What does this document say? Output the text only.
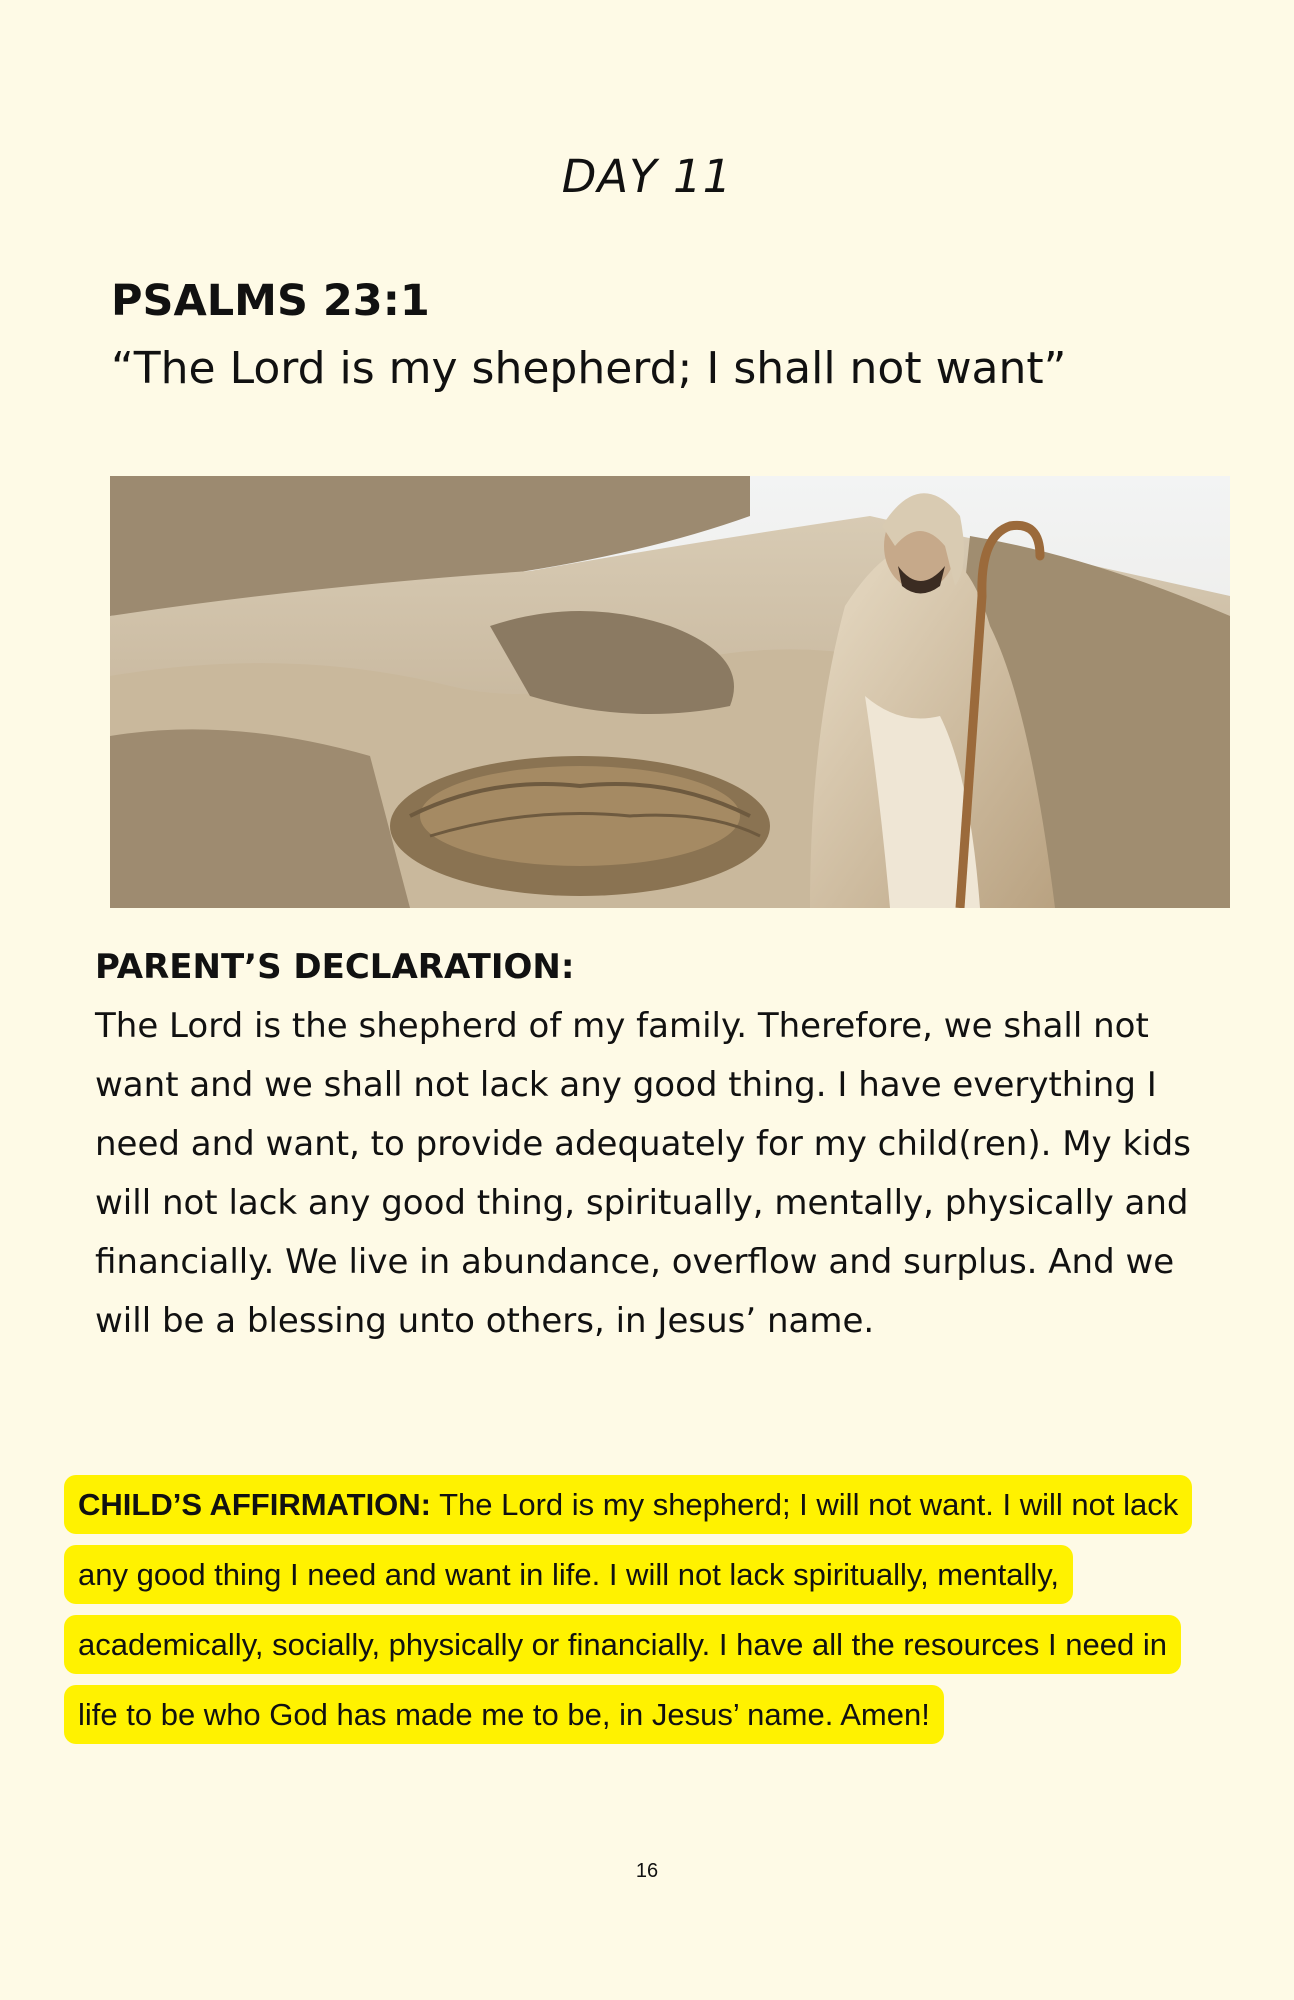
DAY 11
PSALMS 23:1
“The Lord is my shepherd; I shall not want”
PARENT’S DECLARATION:
The Lord is the shepherd of my family. Therefore, we shall not want and we shall not lack any good thing. I have everything I need and want, to provide adequately for my child(ren). My kids will not lack any good thing, spiritually, mentally, physically and financially. We live in abundance, overflow and surplus. And we will be a blessing unto others, in Jesus’ name.
CHILD’S AFFIRMATION: The Lord is my shepherd; I will not want. I will not lack any good thing I need and want in life. I will not lack spiritually, mentally, academically, socially, physically or financially. I have all the resources I need in life to be who God has made me to be, in Jesus’ name. Amen!
16
